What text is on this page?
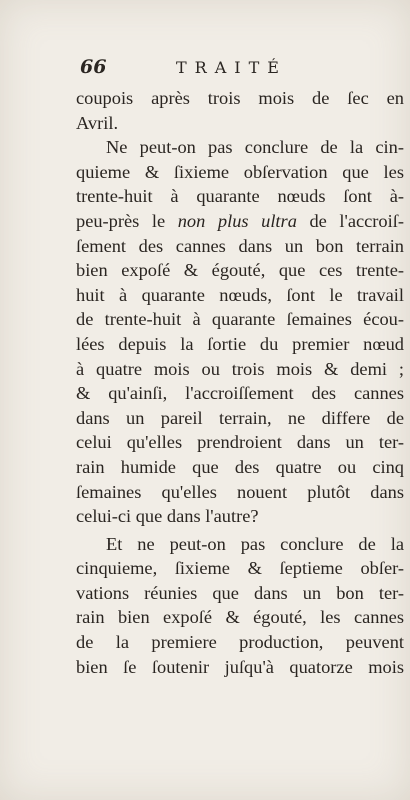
66	TRAITÉ
coupois après trois mois de ſec en
Avril.
Ne peut-on pas conclure de la cin-
quieme & ſixieme obſervation que les
trente-huit à quarante nœuds ſont à-
peu-près le non plus ultra de l'accroiſ-
ſement des cannes dans un bon terrain
bien expoſé & égouté, que ces trente-
huit à quarante nœuds, ſont le travail
de trente-huit à quarante ſemaines écou-
lées depuis la ſortie du premier nœud
à quatre mois ou trois mois & demi ;
& qu'ainſi, l'accroiſſement des cannes
dans un pareil terrain, ne differe de
celui qu'elles prendroient dans un ter-
rain humide que des quatre ou cinq
ſemaines qu'elles nouent plutôt dans
celui-ci que dans l'autre?
Et ne peut-on pas conclure de la
cinquieme, ſixieme & ſeptieme obſer-
vations réunies que dans un bon ter-
rain bien expoſé & égouté, les cannes
de la premiere production, peuvent
bien ſe ſoutenir juſqu'à quatorze mois
